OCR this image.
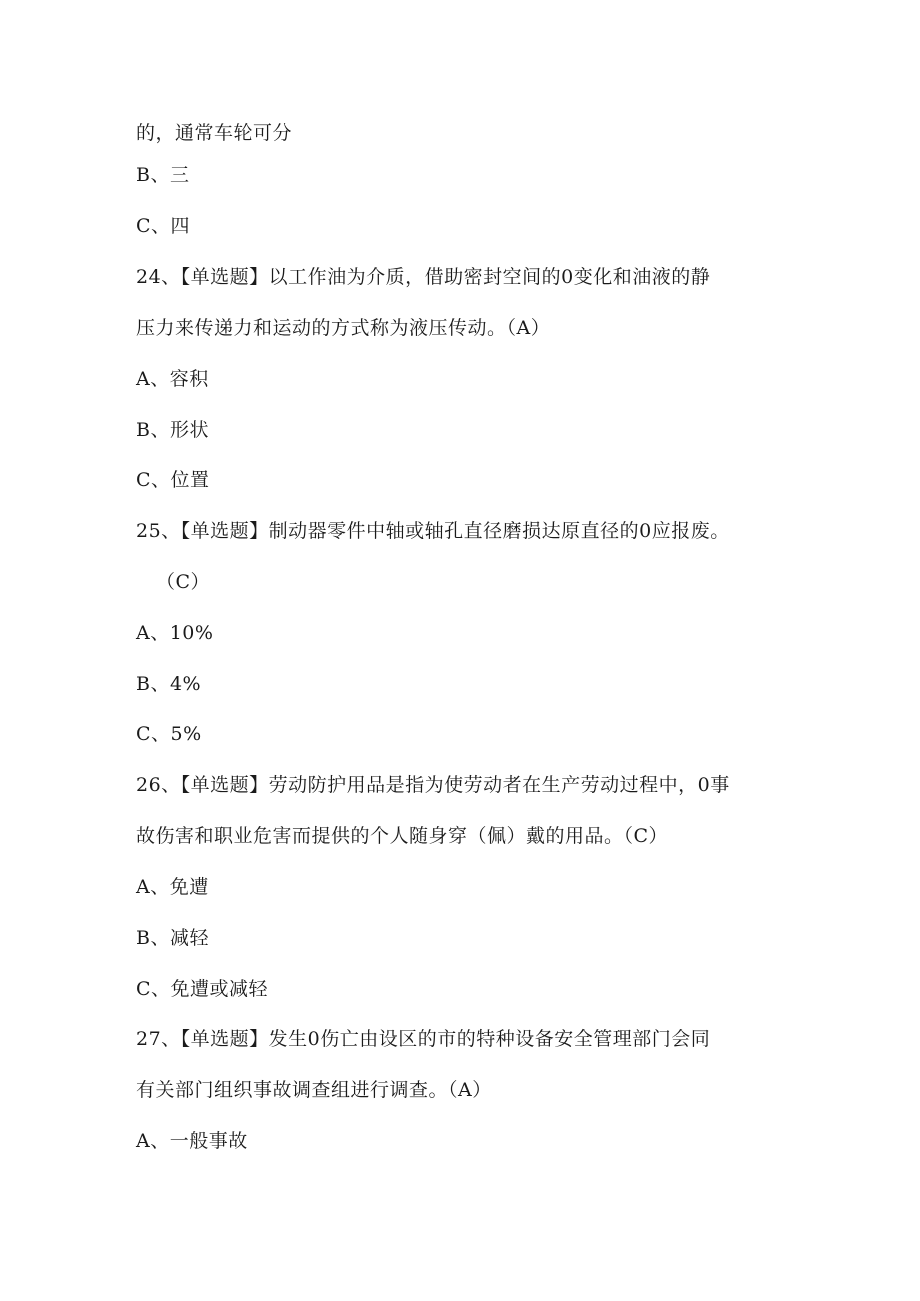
的，通常车轮可分
B、三
C、四
24、【单选题】以工作油为介质，借助密封空间的0变化和油液的静
压力来传递力和运动的方式称为液压传动。（A）
A、容积
B、形状
C、位置
25、【单选题】制动器零件中轴或轴孔直径磨损达原直径的0应报废。
（C）
A、10%
B、4%
C、5%
26、【单选题】劳动防护用品是指为使劳动者在生产劳动过程中，0事
故伤害和职业危害而提供的个人随身穿（佩）戴的用品。（C）
A、免遭
B、减轻
C、免遭或减轻
27、【单选题】发生0伤亡由设区的市的特种设备安全管理部门会同
有关部门组织事故调查组进行调查。（A）
A、一般事故
